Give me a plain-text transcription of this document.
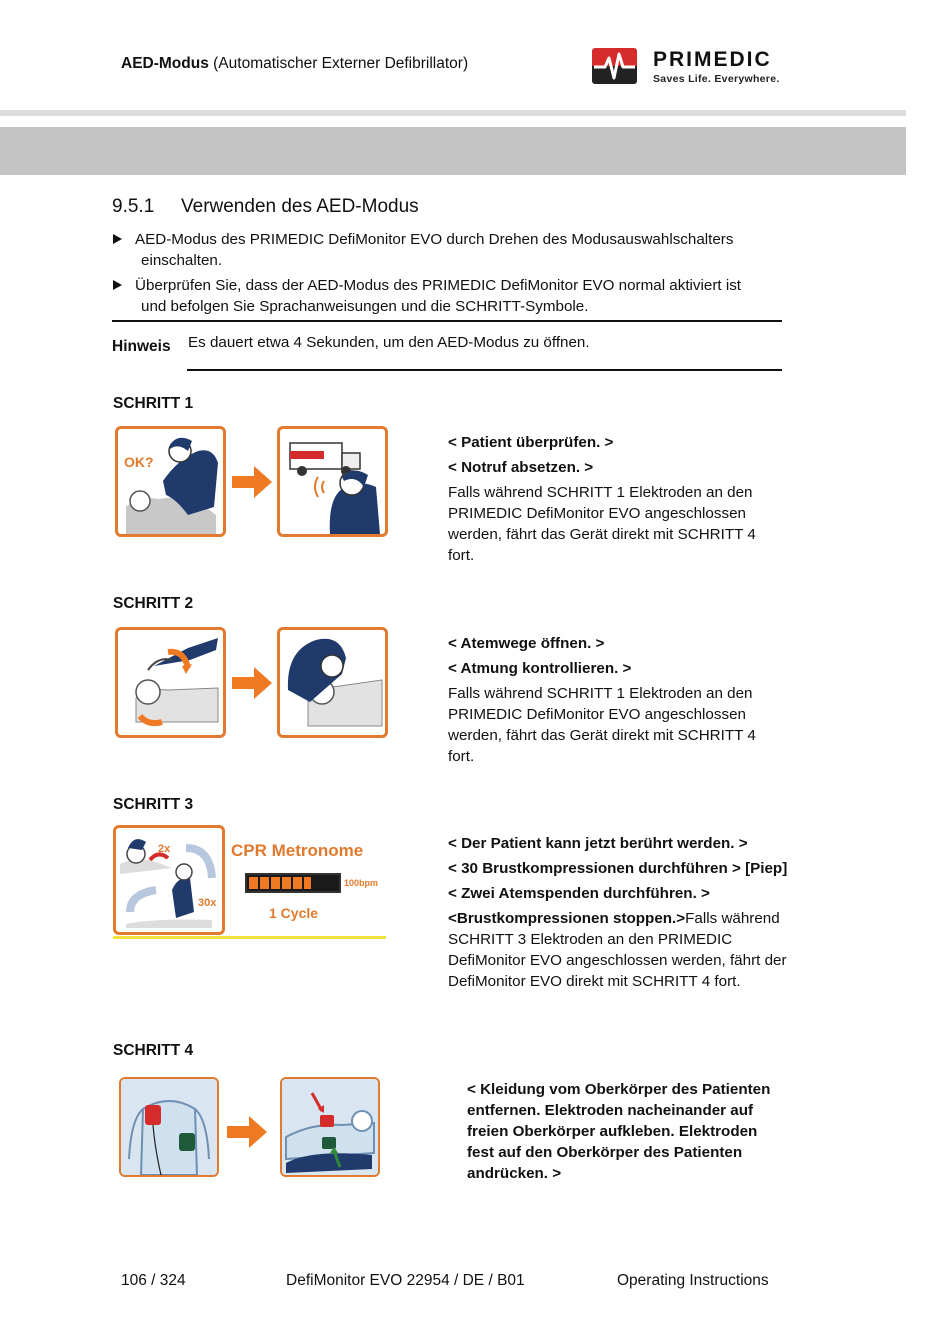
AED-Modus (Automatischer Externer Defibrillator)	PRIMEDIC
Saves Life. Everywhere.
9.5.1 Verwenden des AED-Modus
AED-Modus des PRIMEDIC DefiMonitor EVO durch Drehen des Modusauswahlschalters
einschalten.
Überprüfen Sie, dass der AED-Modus des PRIMEDIC DefiMonitor EVO normal aktiviert ist
und befolgen Sie Sprachanweisungen und die SCHRITT-Symbole.
Hinweis Es dauert etwa 4 Sekunden, um den AED-Modus zu öffnen.
SCHRITT 1
OK?
< Patient überprüfen. >
< Notruf absetzen. >
Falls während SCHRITT 1 Elektroden an den PRIMEDIC DefiMonitor EVO angeschlossen werden, fährt das Gerät direkt mit SCHRITT 4 fort.
SCHRITT 2
< Atemwege öffnen. >
< Atmung kontrollieren. >
Falls während SCHRITT 1 Elektroden an den PRIMEDIC DefiMonitor EVO angeschlossen werden, fährt das Gerät direkt mit SCHRITT 4 fort.
SCHRITT 3
2x
30x
CPR Metronome
100bpm
1 Cycle
< Der Patient kann jetzt berührt werden. >
< 30 Brustkompressionen durchführen > [Piep]
< Zwei Atemspenden durchführen. >
<Brustkompressionen stoppen.>Falls während SCHRITT 3 Elektroden an den PRIMEDIC DefiMonitor EVO angeschlossen werden, fährt der DefiMonitor EVO direkt mit SCHRITT 4 fort.
SCHRITT 4
< Kleidung vom Oberkörper des Patienten entfernen. Elektroden nacheinander auf freien Oberkörper aufkleben. Elektroden fest auf den Oberkörper des Patienten andrücken. >
106 / 324	DefiMonitor EVO 22954 / DE / B01	Operating Instructions
